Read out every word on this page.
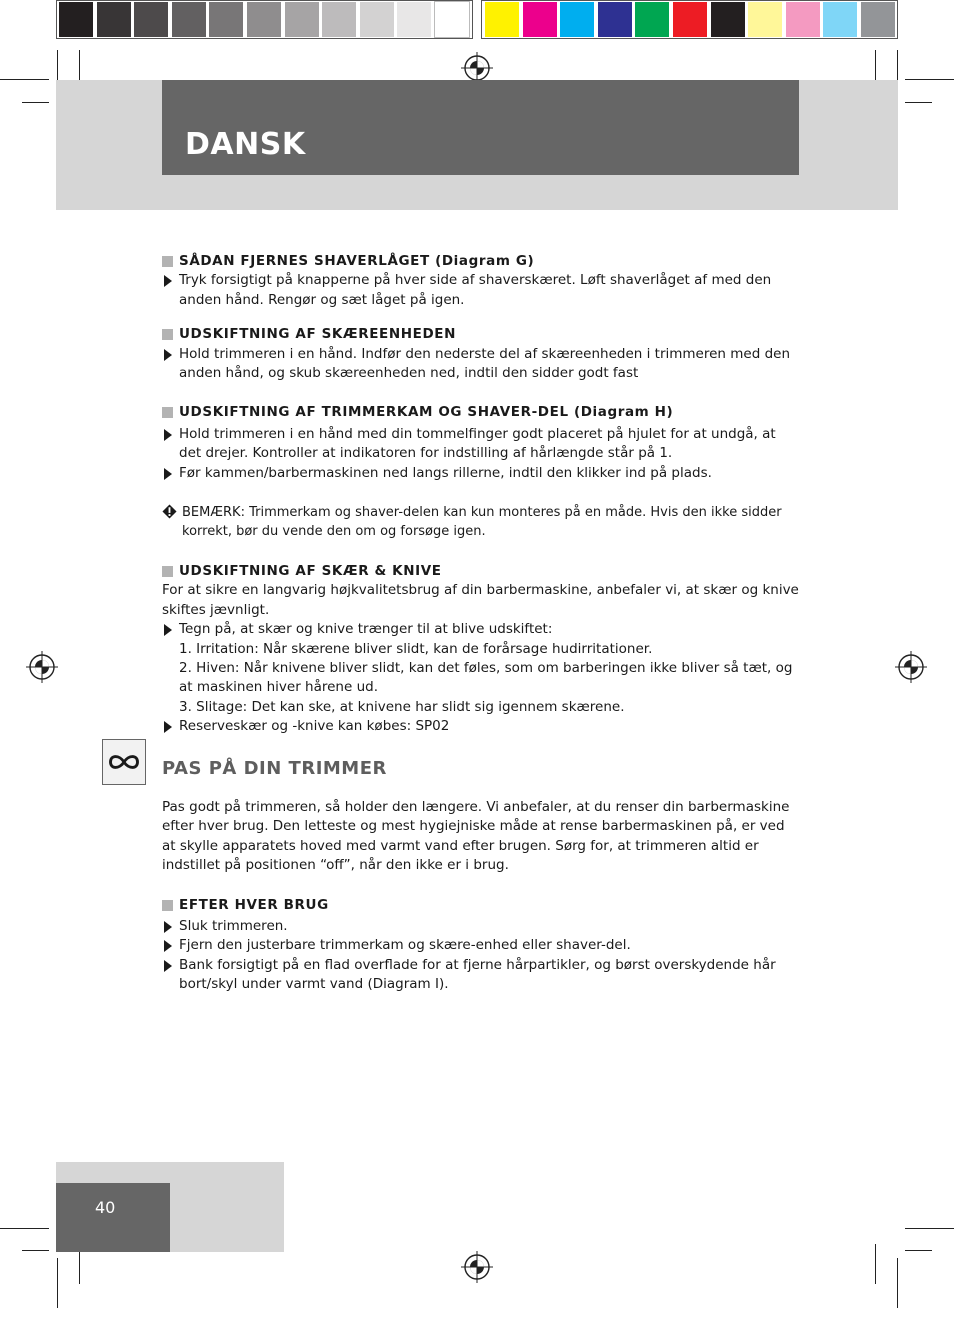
DANSK

SÅDAN FJERNES SHAVERLÅGET (Diagram G)

Tryk forsigtigt på knapperne på hver side af shaverskæret. Løft shaverlåget af med den anden hånd. Rengør og sæt låget på igen.

UDSKIFTNING AF SKÆREENHEDEN

Hold trimmeren i en hånd. Indfør den nederste del af skæreenheden i trimmeren med den anden hånd, og skub skæreenheden ned, indtil den sidder godt fast

UDSKIFTNING AF TRIMMERKAM OG SHAVER-DEL (Diagram H)

Hold trimmeren i en hånd med din tommelfinger godt placeret på hjulet for at undgå, at det drejer. Kontroller at indikatoren for indstilling af hårlængde står på 1.

Før kammen/barbermaskinen ned langs rillerne, indtil den klikker ind på plads.

BEMÆRK: Trimmerkam og shaver-delen kan kun monteres på en måde. Hvis den ikke sidder korrekt, bør du vende den om og forsøge igen.

UDSKIFTNING AF SKÆR & KNIVE

For at sikre en langvarig højkvalitetsbrug af din barbermaskine, anbefaler vi, at skær og knive skiftes jævnligt.

Tegn på, at skær og knive trænger til at blive udskiftet:

1. Irritation: Når skærene bliver slidt, kan de forårsage hudirritationer.

2. Hiven: Når knivene bliver slidt, kan det føles, som om barberingen ikke bliver så tæt, og at maskinen hiver hårene ud.

3. Slitage: Det kan ske, at knivene har slidt sig igennem skærene.

Reserveskær og -knive kan købes: SP02

PAS PÅ DIN TRIMMER

Pas godt på trimmeren, så holder den længere. Vi anbefaler, at du renser din barbermaskine efter hver brug. Den letteste og mest hygiejniske måde at rense barbermaskinen på, er ved at skylle apparatets hoved med varmt vand efter brugen. Sørg for, at trimmeren altid er indstillet på positionen “off”, når den ikke er i brug.

EFTER HVER BRUG

Sluk trimmeren.

Fjern den justerbare trimmerkam og skære-enhed eller shaver-del.

Bank forsigtigt på en flad overflade for at fjerne hårpartikler, og børst overskydende hår bort/skyl under varmt vand (Diagram I).

40
